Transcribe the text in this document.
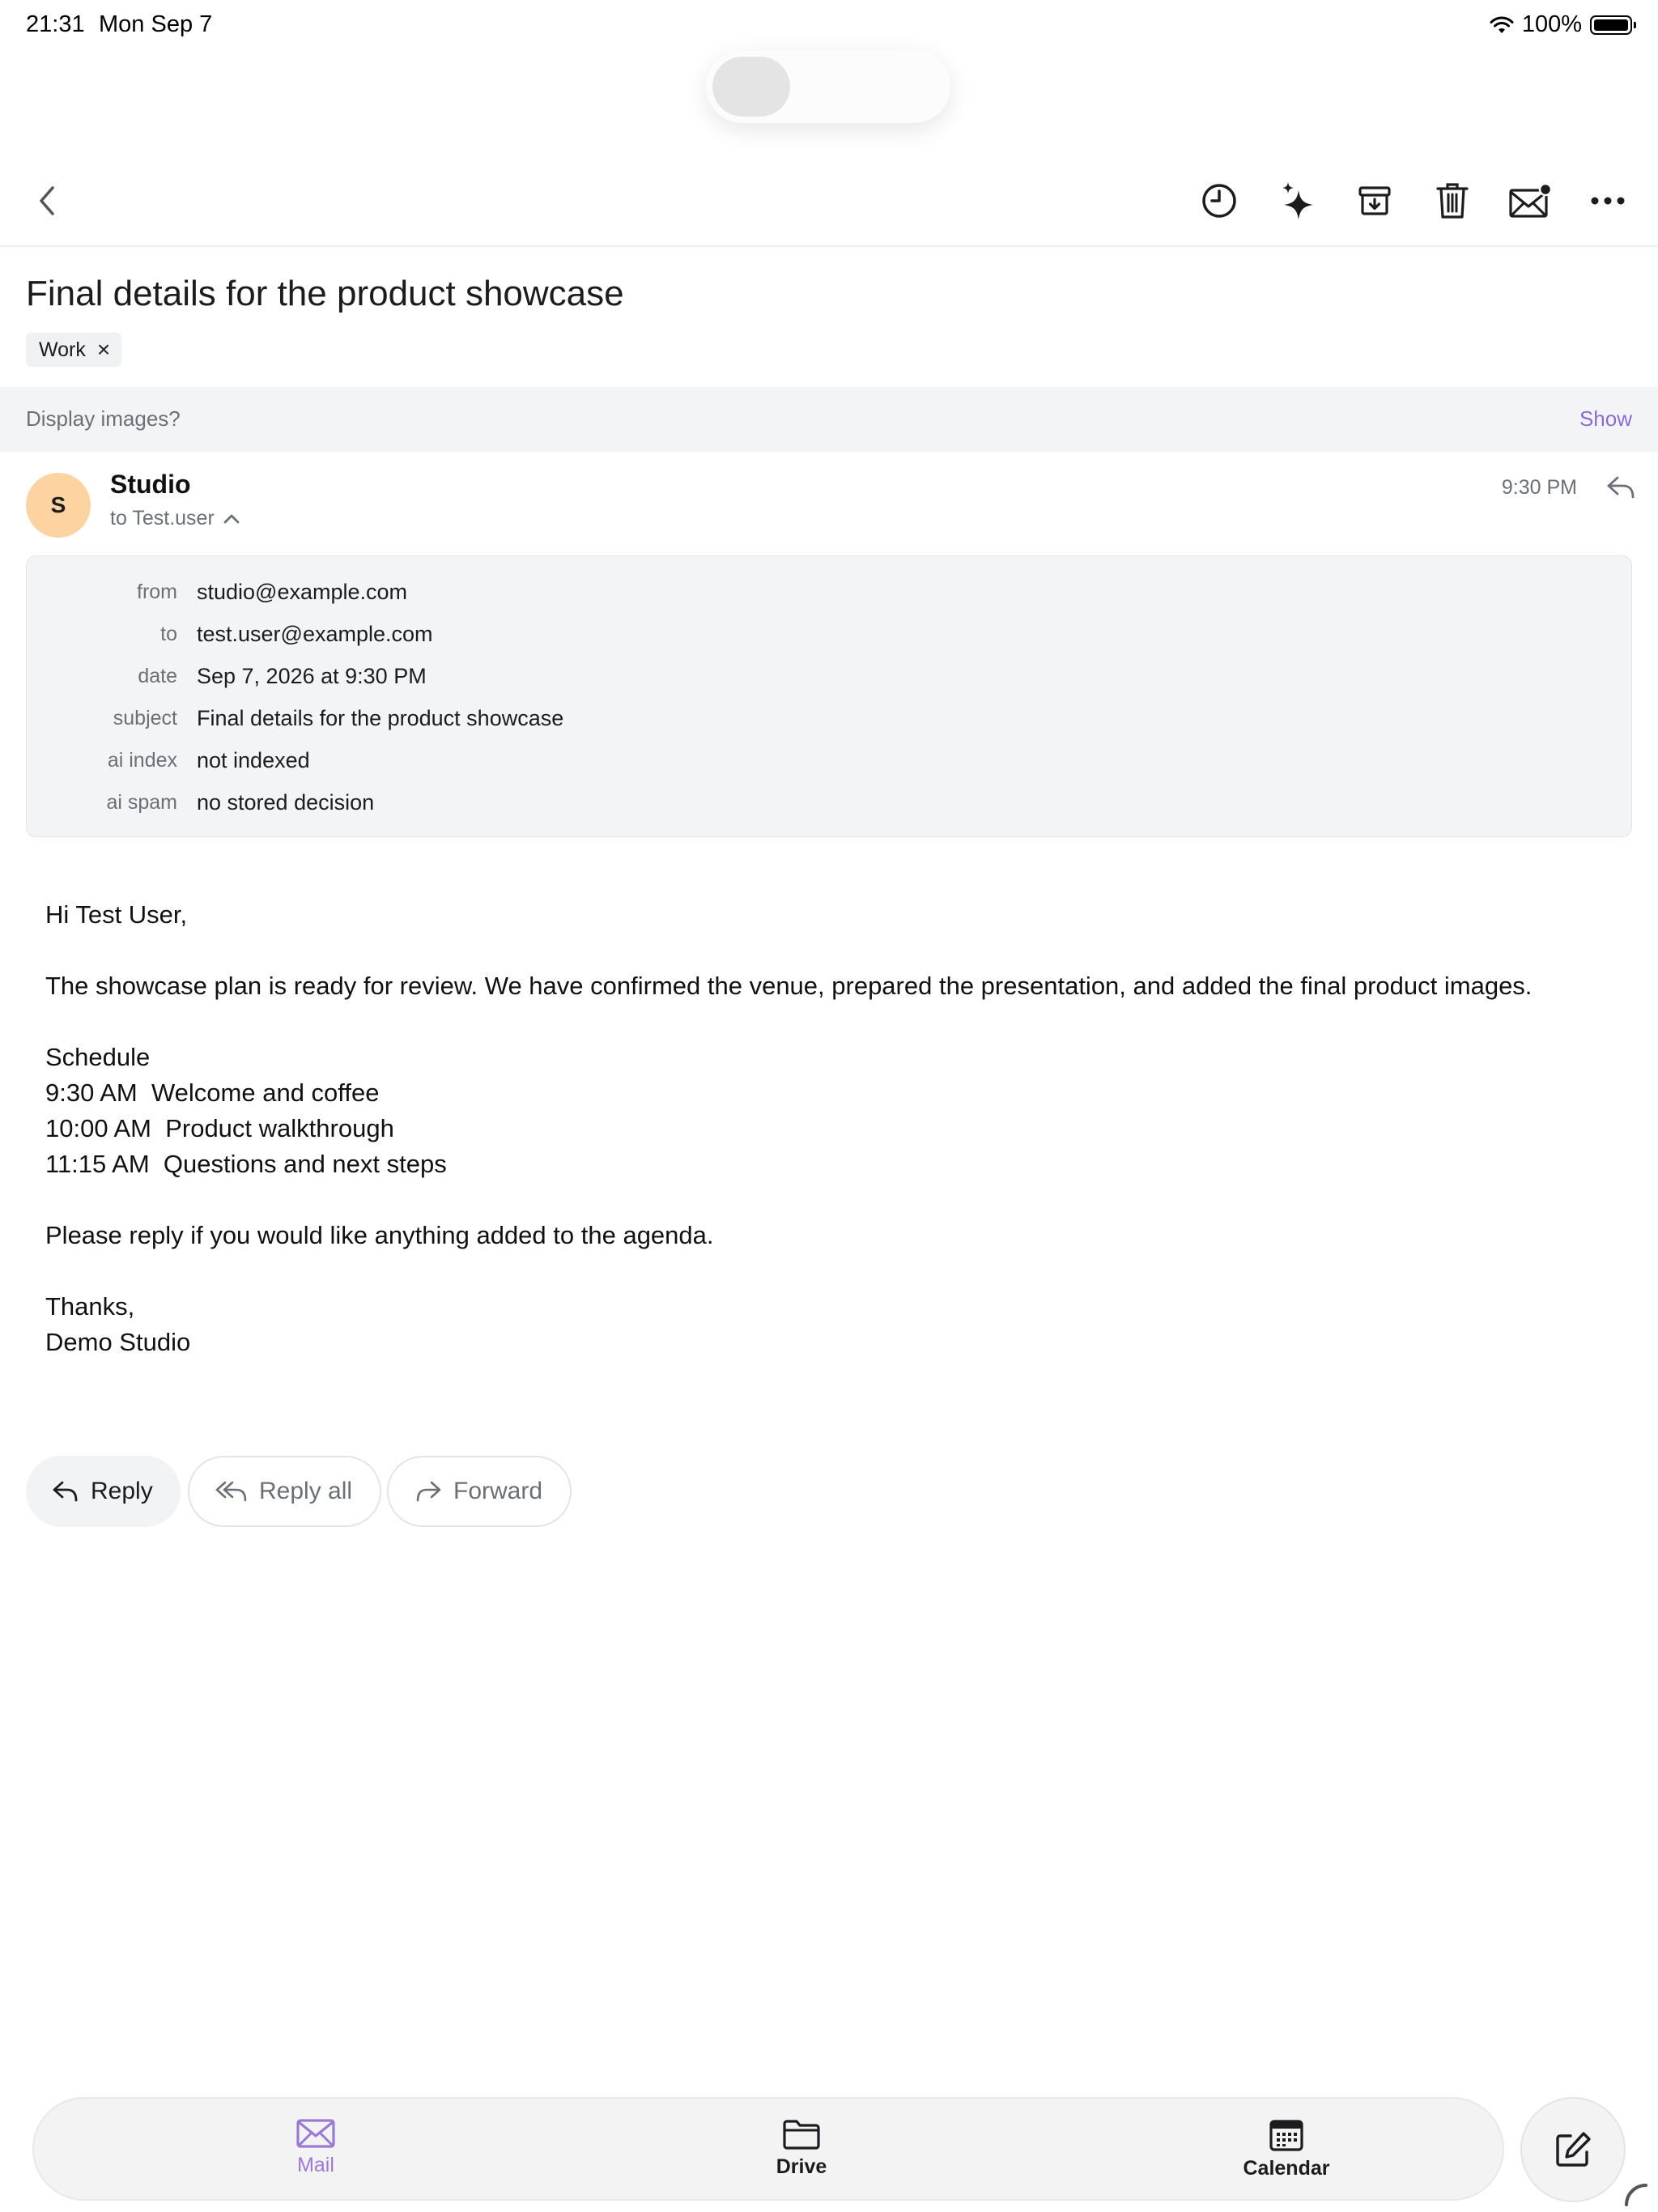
21:31 Mon Sep 7	100%
Final details for the product showcase
Work ×
Display images?	Show
S
Studio
to Test.user
9:30 PM
from studio@example.com
to test.user@example.com
date Sep 7, 2026 at 9:30 PM
subject Final details for the product showcase
ai index not indexed
ai spam no stored decision

Hi Test User,

The showcase plan is ready for review. We have confirmed the venue, prepared the presentation, and added the final product images.

Schedule

9:30 AM  Welcome and coffee

10:00 AM  Product walkthrough

11:15 AM  Questions and next steps

Please reply if you would like anything added to the agenda.

Thanks,

Demo Studio

Reply	Reply all	Forward
Mail	Drive	Calendar
